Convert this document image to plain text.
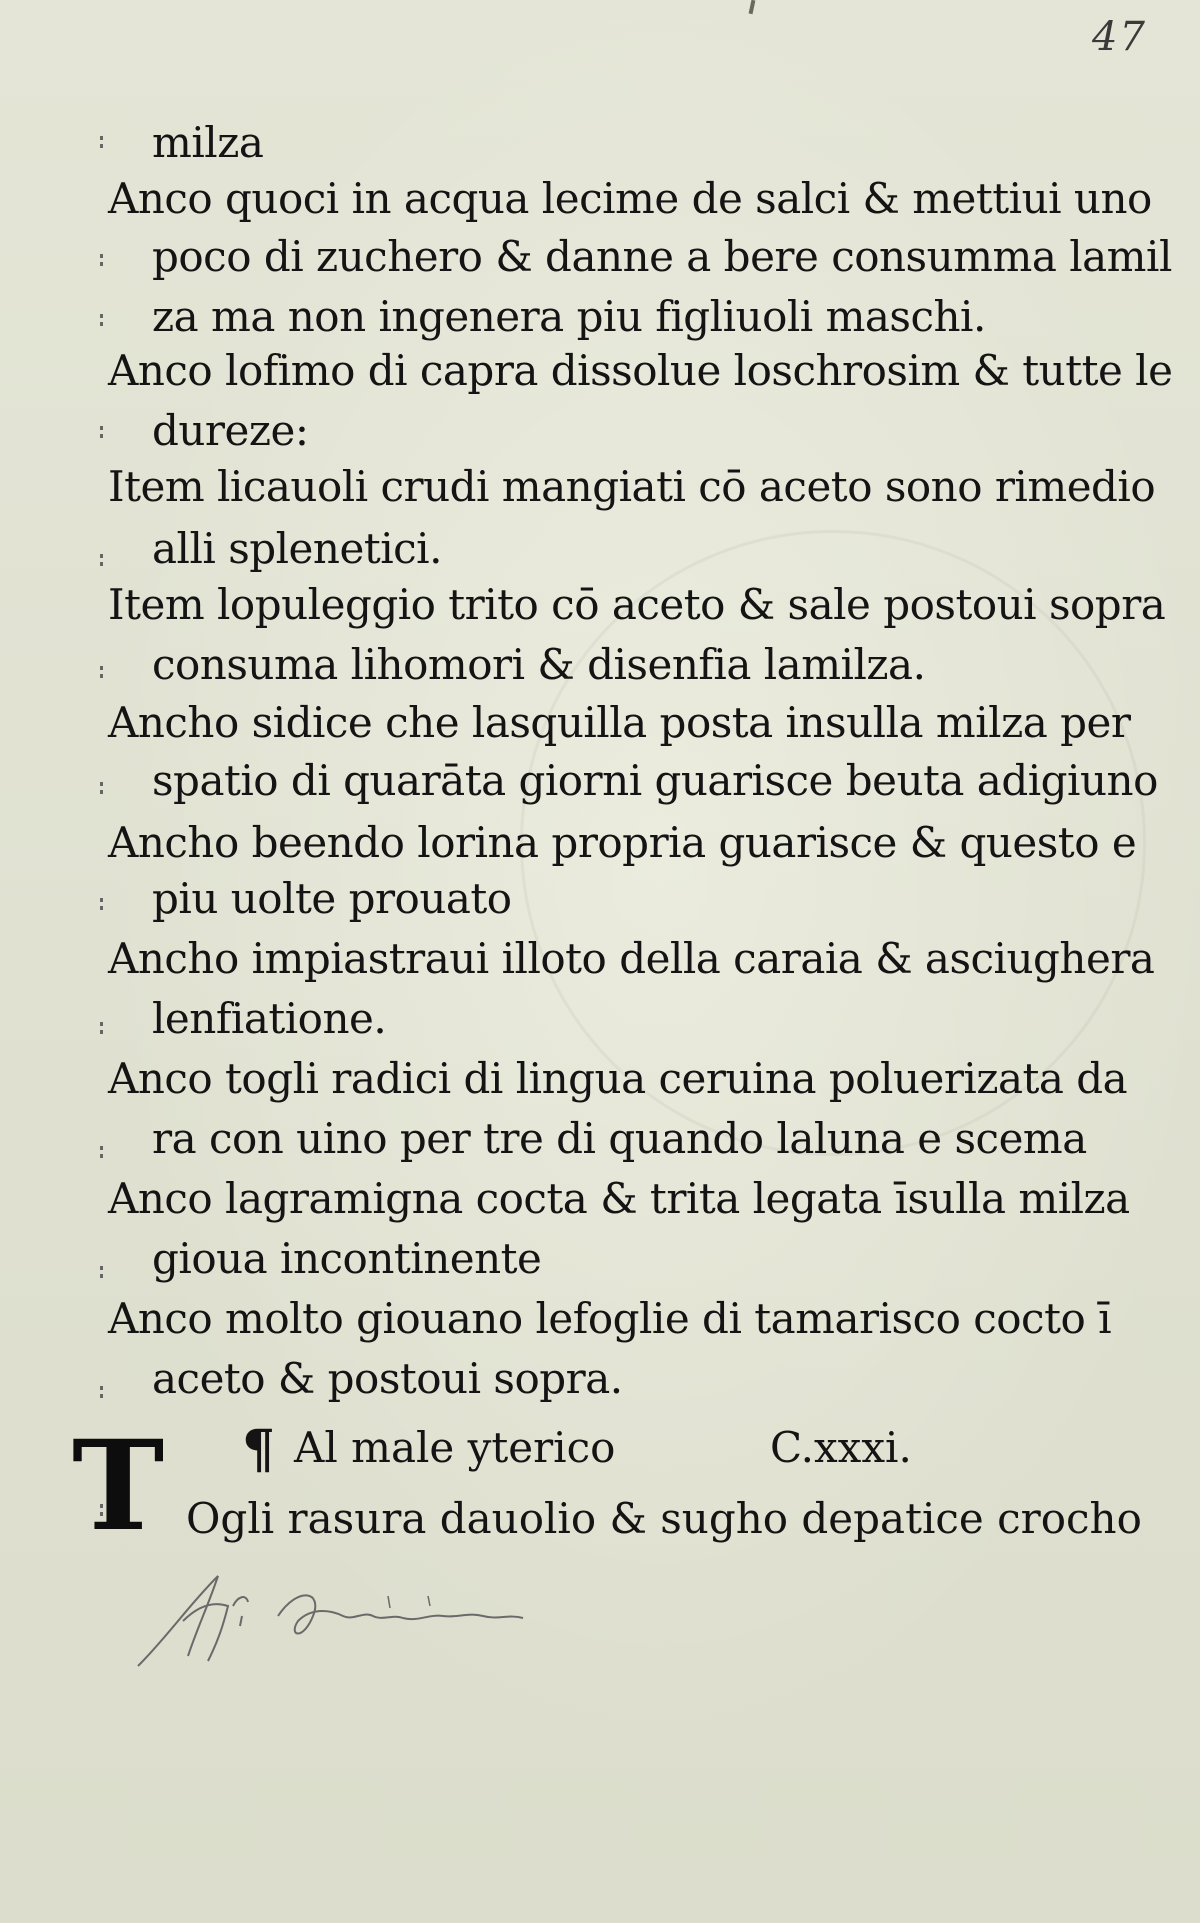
47
milza
Anco quoci in acqua lecime de salci & mettiui uno
poco di zuchero & danne a bere consumma lamil
za ma non ingenera piu figliuoli maschi.
Anco lofimo di capra dissolue loschrosim & tutte le
dureze:
Item licauoli crudi mangiati cō aceto sono rimedio
alli splenetici.
Item lopuleggio trito cō aceto & sale postoui sopra
consuma lihomori & disenfia lamilza.
Ancho sidice che lasquilla posta insulla milza per
spatio di quarāta giorni guarisce beuta adigiuno
Ancho beendo lorina propria guarisce & questo e
piu uolte prouato
Ancho impiastraui illoto della caraia & asciughera
lenfiatione.
Anco togli radici di lingua ceruina poluerizata da
ra con uino per tre di quando laluna e scema
Anco lagramigna cocta & trita legata īsulla milza
gioua incontinente
Anco molto giouano lefoglie di tamarisco cocto ī
aceto & postoui sopra.
T ¶ Al male yterico	C.xxxi.
Ogli rasura dauolio & sugho depatice crocho
